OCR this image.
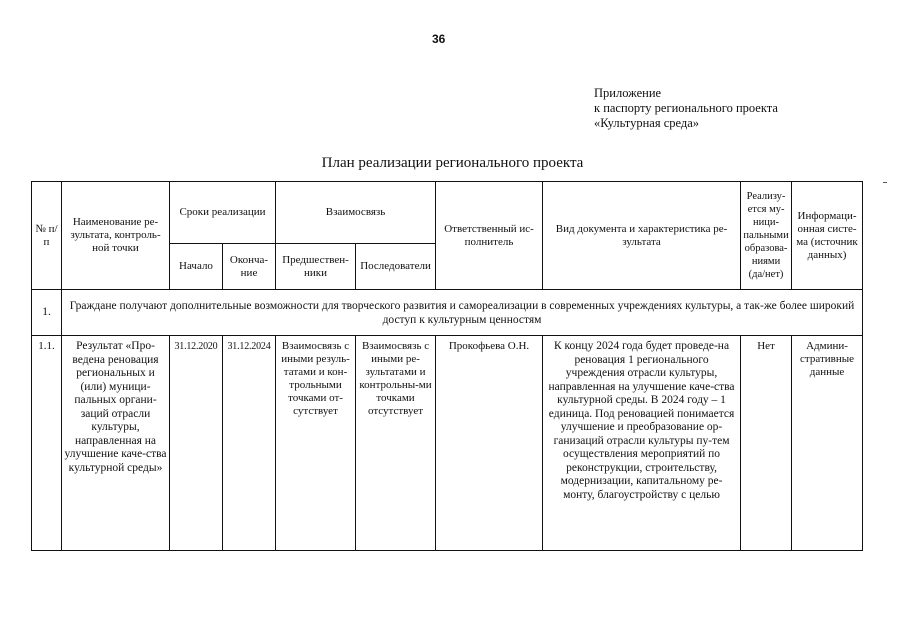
36
Приложение
к паспорту регионального проекта
«Культурная среда»
План реализации регионального проекта
№ п/п	Наименование ре-зультата, контроль-ной точки	Сроки реализации		Взаимосвязь		Ответственный ис-полнитель	Вид документа и характеристика ре-зультата	Реализу-ется му-ници-пальными образова-ниями (да/нет)	Информаци-онная систе-ма (источник данных)
		Начало	Оконча-ние	Предшествен-ники	Последователи				
1.	Граждане получают дополнительные возможности для творческого развития и самореализации в современных учреждениях культуры, а так-же более широкий доступ к культурным ценностям								
1.1.	Результат «Про-ведена реновация региональных и (или) муници-пальных органи-заций отрасли культуры, направленная на улучшение каче-ства культурной среды»	31.12.2020	31.12.2024	Взаимосвязь с иными резуль-татами и кон-трольными точками от-сутствует	Взаимосвязь с иными ре-зультатами и контрольны-ми точками отсутствует	Прокофьева О.Н.	К концу 2024 года будет проведе-на реновация 1 регионального учреждения отрасли культуры, направленная на улучшение каче-ства культурной среды. В 2024 году – 1 единица. Под реновацией понимается улучшение и преобразование ор-ганизаций отрасли культуры пу-тем осуществления мероприятий по реконструкции, строительству, модернизации, капитальному ре-монту, благоустройству с целью	Нет	Админи-стративные данные
